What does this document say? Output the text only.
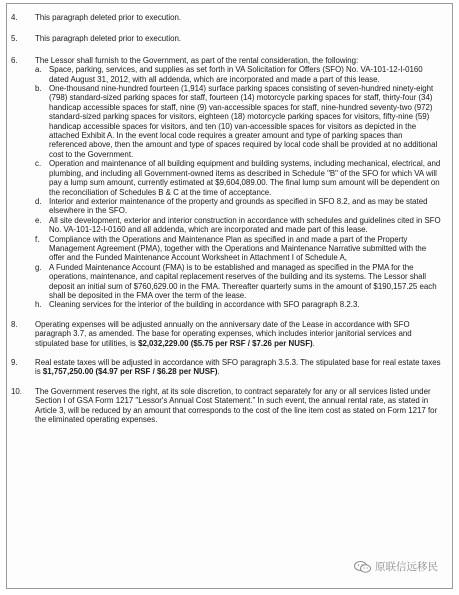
4. This paragraph deleted prior to execution.
5. This paragraph deleted prior to execution.
6. The Lessor shall furnish to the Government, as part of the rental consideration, the following:
a. Space, parking, services, and supplies as set forth in VA Solicitation for Offers (SFO) No. VA-101-12-I-0160 dated August 31, 2012, with all addenda, which are incorporated and made a part of this lease.
b. One-thousand nine-hundred fourteen (1,914) surface parking spaces consisting of seven-hundred ninety-eight (798) standard-sized parking spaces for staff, fourteen (14) motorcycle parking spaces for staff, thirty-four (34) handicap accessible spaces for staff, nine (9) van-accessible spaces for staff, nine-hundred seventy-two (972) standard-sized parking spaces for visitors, eighteen (18) motorcycle parking spaces for visitors, fifty-nine (59) handicap accessible spaces for visitors, and ten (10) van-accessible spaces for visitors as depicted in the attached Exhibit A. In the event local code requires a greater amount and type of parking spaces than referenced above, then the amount and type of spaces required by local code shall be provided at no additional cost to the Government.
c. Operation and maintenance of all building equipment and building systems, including mechanical, electrical, and plumbing, and including all Government-owned items as described in Schedule "B" of the SFO for which VA will pay a lump sum amount, currently estimated at $9,604,089.00. The final lump sum amount will be dependent on the reconciliation of Schedules B & C at the time of acceptance.
d. Interior and exterior maintenance of the property and grounds as specified in SFO 8.2, and as may be stated elsewhere in the SFO.
e. All site development, exterior and interior construction in accordance with schedules and guidelines cited in SFO No. VA-101-12-I-0160 and all addenda, which are incorporated and made part of this lease.
f. Compliance with the Operations and Maintenance Plan as specified in and made a part of the Property Management Agreement (PMA), together with the Operations and Maintenance Narrative submitted with the offer and the Funded Maintenance Account Worksheet in Attachment I of Schedule A,
g. A Funded Maintenance Account (FMA) is to be established and managed as specified in the PMA for the operations, maintenance, and capital replacement reserves of the building and its systems. The Lessor shall deposit an initial sum of $760,629.00 in the FMA. Thereafter quarterly sums in the amount of $190,157.25 each shall be deposited in the FMA over the term of the lease.
h. Cleaning services for the interior of the building in accordance with SFO paragraph 8.2.3.
8. Operating expenses will be adjusted annually on the anniversary date of the Lease in accordance with SFO paragraph 3.7, as amended. The base for operating expenses, which includes interior janitorial services and stipulated base for utilities, is $2,032,229.00 ($5.75 per RSF / $7.26 per NUSF).
9. Real estate taxes will be adjusted in accordance with SFO paragraph 3.5.3. The stipulated base for real estate taxes is $1,757,250.00 ($4.97 per RSF / $6.28 per NUSF).
10. The Government reserves the right, at its sole discretion, to contract separately for any or all services listed under Section I of GSA Form 1217 "Lessor's Annual Cost Statement." In such event, the annual rental rate, as stated in Article 3, will be reduced by an amount that corresponds to the cost of the line item cost as stated on Form 1217 for the eliminated operating expenses.
原联信远移民
